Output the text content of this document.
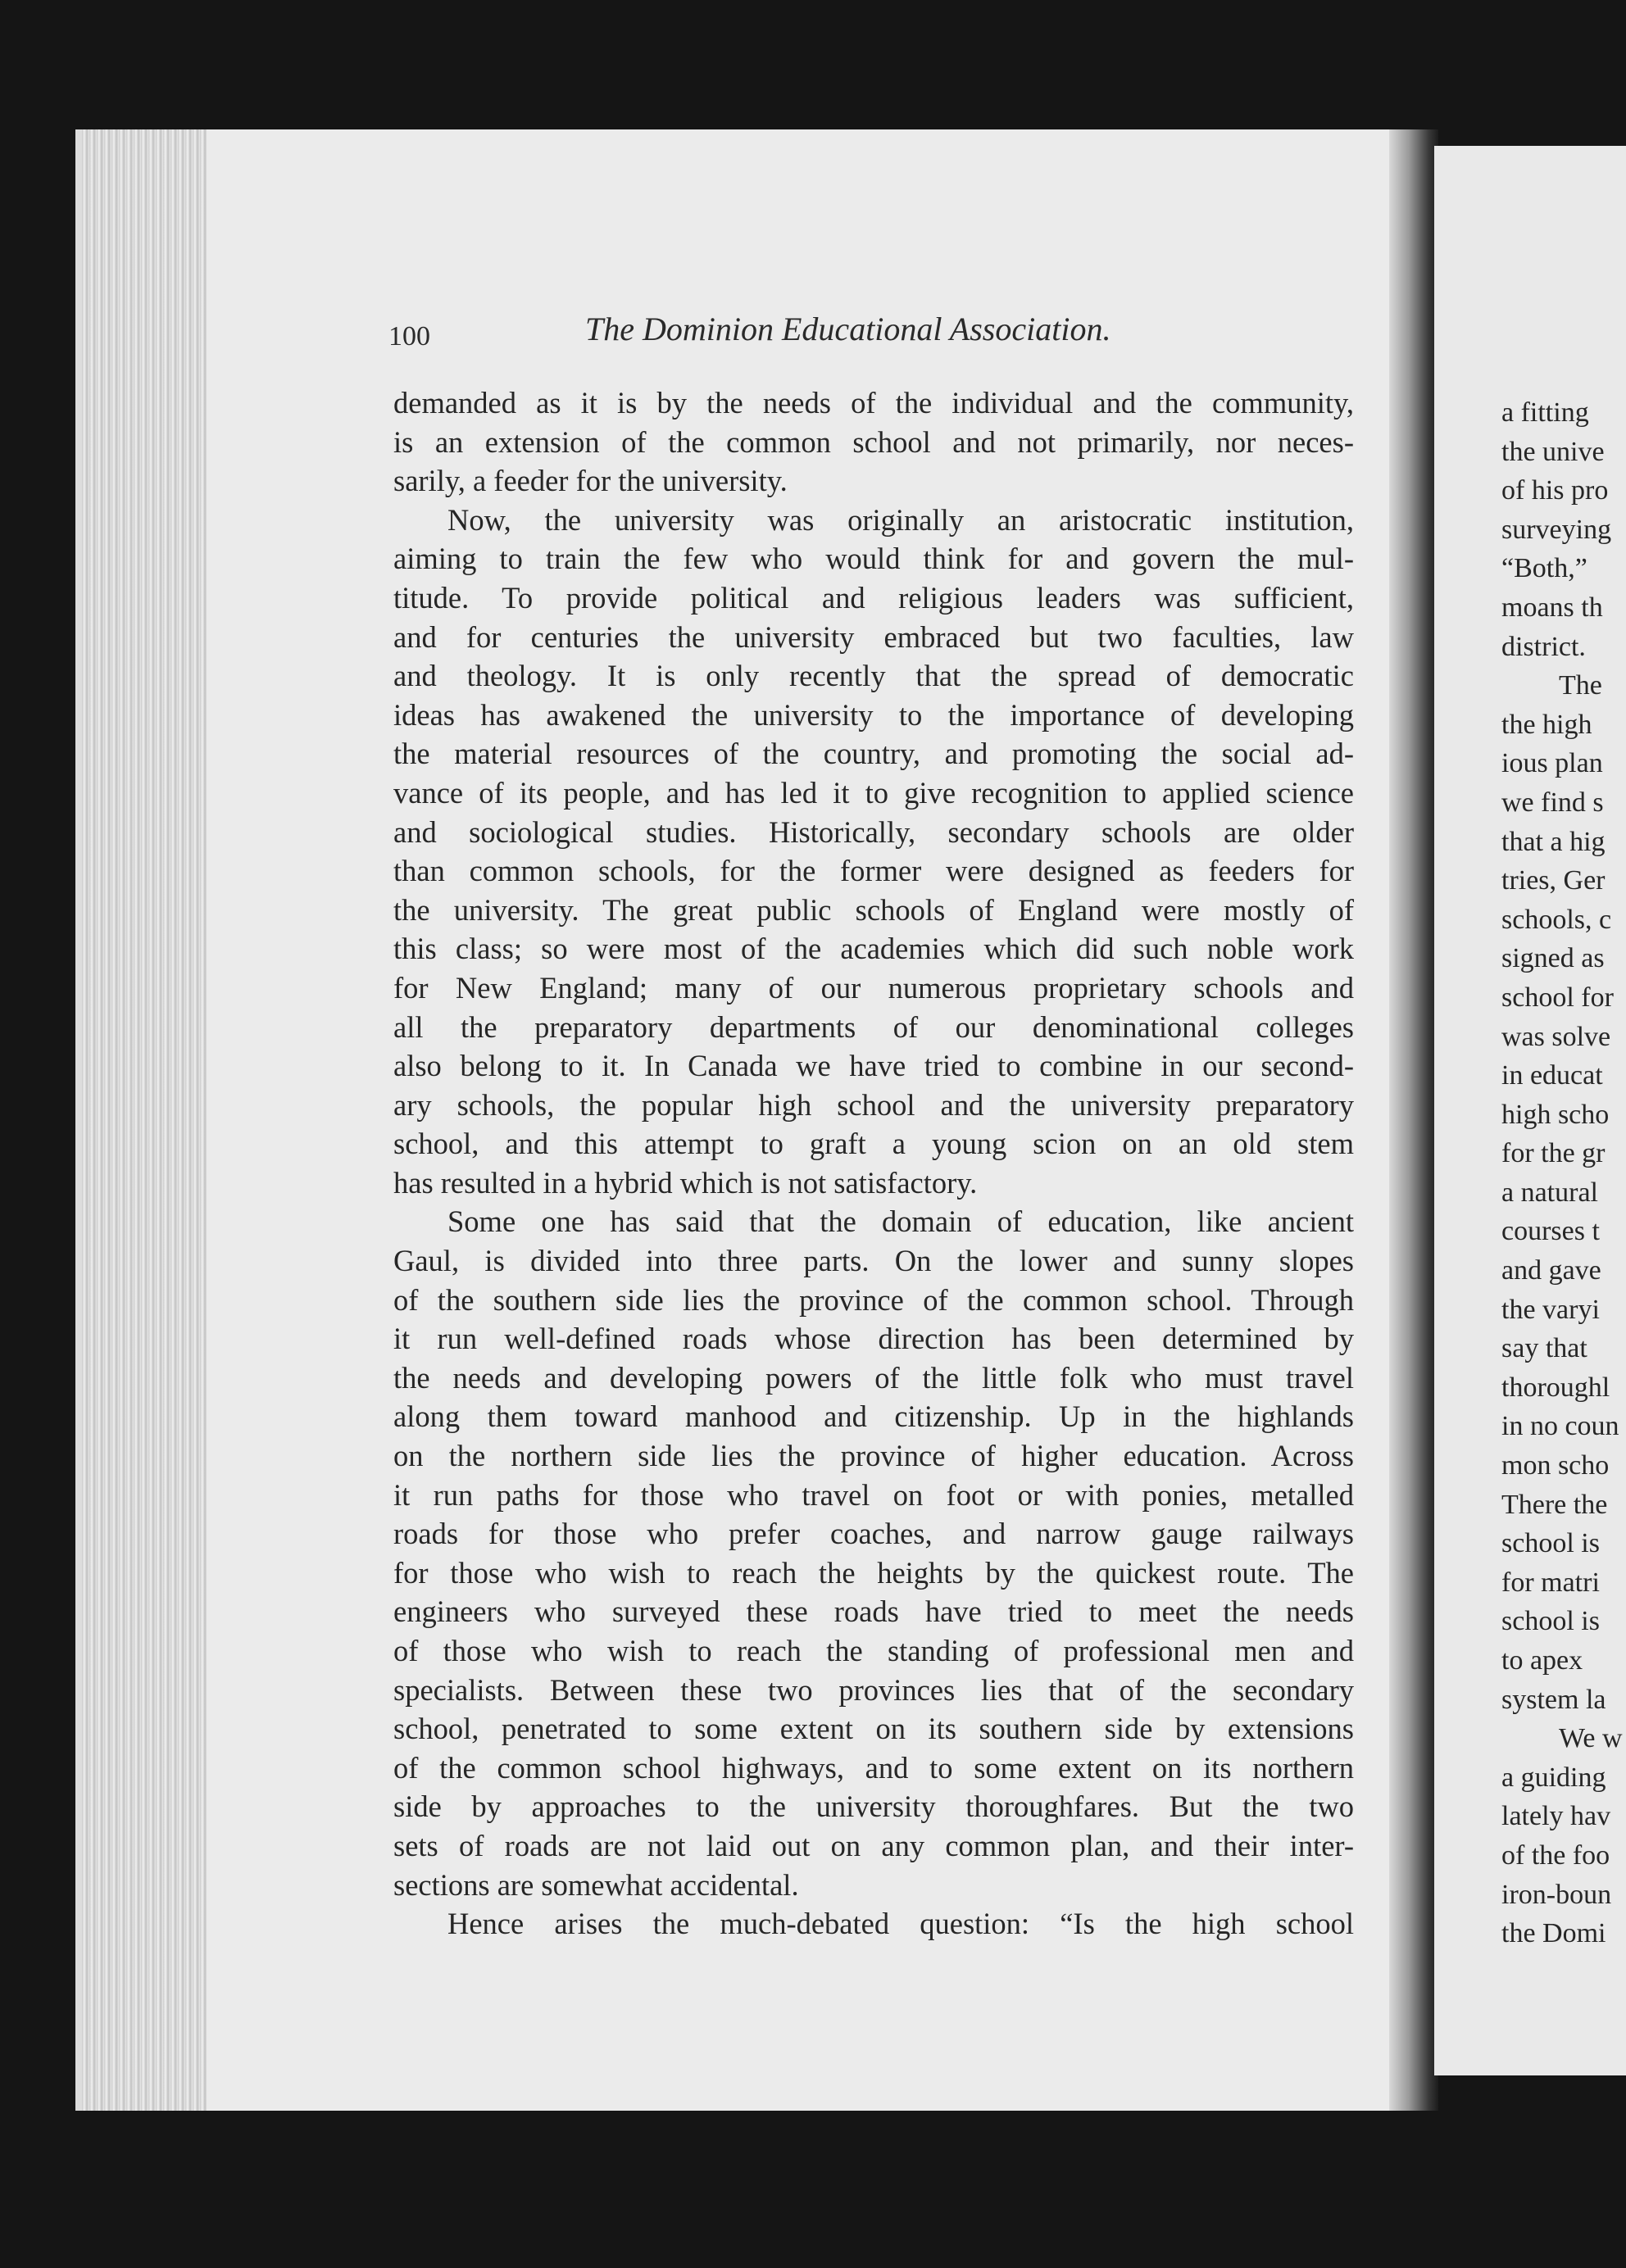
100	The Dominion Educational Association.
demanded as it is by the needs of the individual and the community,
is an extension of the common school and not primarily, nor neces-
sarily, a feeder for the university.
Now, the university was originally an aristocratic institution,
aiming to train the few who would think for and govern the mul-
titude. To provide political and religious leaders was sufficient,
and for centuries the university embraced but two faculties, law
and theology. It is only recently that the spread of democratic
ideas has awakened the university to the importance of developing
the material resources of the country, and promoting the social ad-
vance of its people, and has led it to give recognition to applied science
and sociological studies. Historically, secondary schools are older
than common schools, for the former were designed as feeders for
the university. The great public schools of England were mostly of
this class; so were most of the academies which did such noble work
for New England; many of our numerous proprietary schools and
all the preparatory departments of our denominational colleges
also belong to it. In Canada we have tried to combine in our second-
ary schools, the popular high school and the university preparatory
school, and this attempt to graft a young scion on an old stem
has resulted in a hybrid which is not satisfactory.
Some one has said that the domain of education, like ancient
Gaul, is divided into three parts. On the lower and sunny slopes
of the southern side lies the province of the common school. Through
it run well-defined roads whose direction has been determined by
the needs and developing powers of the little folk who must travel
along them toward manhood and citizenship. Up in the highlands
on the northern side lies the province of higher education. Across
it run paths for those who travel on foot or with ponies, metalled
roads for those who prefer coaches, and narrow gauge railways
for those who wish to reach the heights by the quickest route. The
engineers who surveyed these roads have tried to meet the needs
of those who wish to reach the standing of professional men and
specialists. Between these two provinces lies that of the secondary
school, penetrated to some extent on its southern side by extensions
of the common school highways, and to some extent on its northern
side by approaches to the university thoroughfares. But the two
sets of roads are not laid out on any common plan, and their inter-
sections are somewhat accidental.
Hence arises the much-debated question: “Is the high school
a fitting
the unive
of his pro
surveying
“Both,”
moans th
district.
The
the high
ious plan
we find s
that a hig
tries, Ger
schools, c
signed as
school for
was solve
in educat
high scho
for the gr
a natural
courses t
and gave
the varyi
say that
thoroughl
in no coun
mon scho
There the
school is
for matri
school is
to apex
system la
We w
a guiding
lately hav
of the foo
iron-boun
the Domi
